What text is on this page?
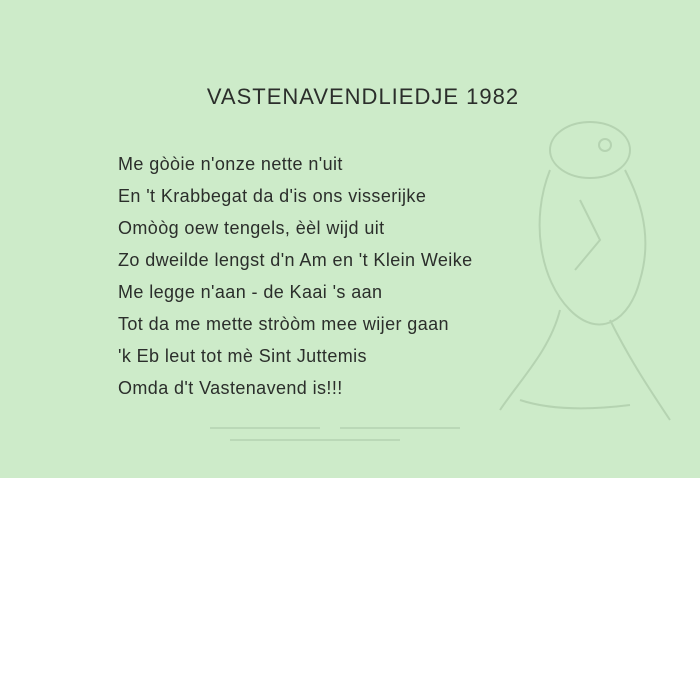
VASTENAVENDLIEDJE 1982
Me gòòie n'onze nette n'uit
En 't Krabbegat da d'is ons visserijke
Omòòg oew tengels, èèl wijd uit
Zo dweilde lengst d'n Am en 't Klein Weike
Me legge n'aan - de Kaai 's aan
Tot da me mette stròòm mee wijer gaan
'k Eb leut tot mè Sint Juttemis
Omda d't Vastenavend is!!!
